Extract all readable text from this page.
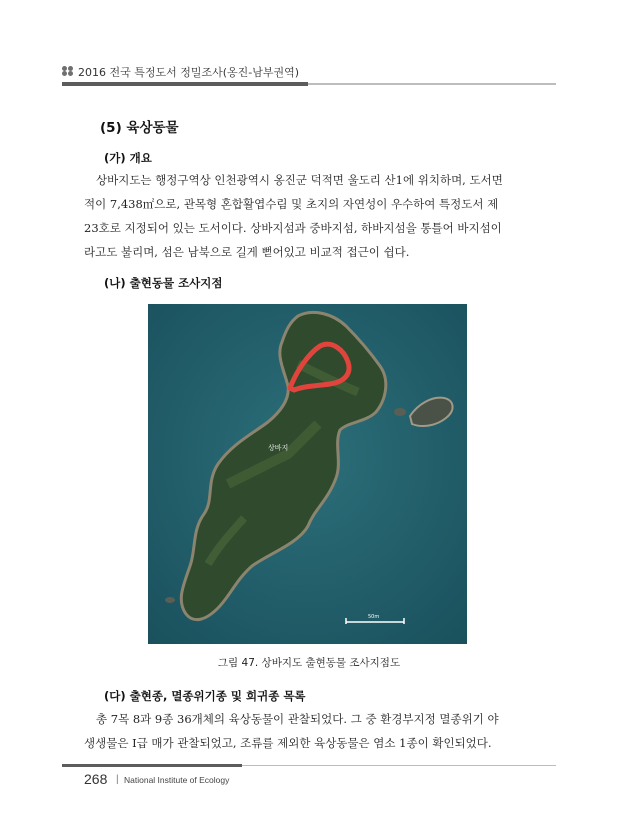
2016 전국 특정도서 정밀조사(옹진-남부권역)
(5) 육상동물
(가) 개요
상바지도는 행정구역상 인천광역시 옹진군 덕적면 울도리 산1에 위치하며, 도서면
적이 7,438㎡으로, 관목형 혼합활엽수림 및 초지의 자연성이 우수하여 특정도서 제
23호로 지정되어 있는 도서이다. 상바지섬과 중바지섬, 하바지섬을 통틀어 바지섬이
라고도 불리며, 섬은 남북으로 길게 뻗어있고 비교적 접근이 쉽다.
(나) 출현동물 조사지점
상바지
50m
그림 47. 상바지도 출현동물 조사지점도
(다) 출현종, 멸종위기종 및 희귀종 목록
총 7목 8과 9종 36개체의 육상동물이 관찰되었다. 그 중 환경부지정 멸종위기 야
생생물은 Ⅰ급 매가 관찰되었고, 조류를 제외한 육상동물은 염소 1종이 확인되었다.
268 | National Institute of Ecology
